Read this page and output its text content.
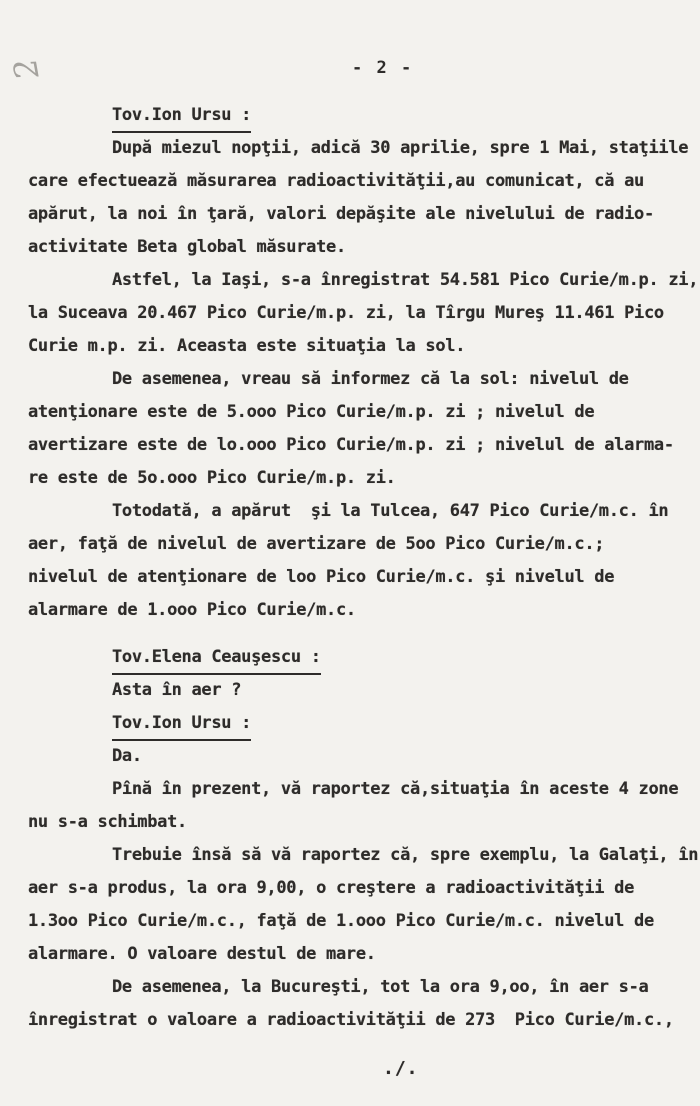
2	- 2 -
Tov.Ion Ursu :
După miezul nopţii, adică 30 aprilie, spre 1 Mai, staţiile
care efectuează măsurarea radioactivităţii,au comunicat, că au
apărut, la noi în ţară, valori depăşite ale nivelului de radio-
activitate Beta global măsurate.
Astfel, la Iaşi, s-a înregistrat 54.581 Pico Curie/m.p. zi,
la Suceava 20.467 Pico Curie/m.p. zi, la Tîrgu Mureş 11.461 Pico
Curie m.p. zi. Aceasta este situaţia la sol.
De asemenea, vreau să informez că la sol: nivelul de
atenţionare este de 5.ooo Pico Curie/m.p. zi ; nivelul de
avertizare este de lo.ooo Pico Curie/m.p. zi ; nivelul de alarma-
re este de 5o.ooo Pico Curie/m.p. zi.
Totodată, a apărut  şi la Tulcea, 647 Pico Curie/m.c. în
aer, faţă de nivelul de avertizare de 5oo Pico Curie/m.c.;
nivelul de atenţionare de loo Pico Curie/m.c. şi nivelul de
alarmare de 1.ooo Pico Curie/m.c.
Tov.Elena Ceauşescu :
Asta în aer ?
Tov.Ion Ursu :
Da.
Pînă în prezent, vă raportez că,situaţia în aceste 4 zone
nu s-a schimbat.
Trebuie însă să vă raportez că, spre exemplu, la Galaţi, în
aer s-a produs, la ora 9,00, o creştere a radioactivităţii de
1.3oo Pico Curie/m.c., faţă de 1.ooo Pico Curie/m.c. nivelul de
alarmare. O valoare destul de mare.
De asemenea, la Bucureşti, tot la ora 9,oo, în aer s-a
înregistrat o valoare a radioactivităţii de 273  Pico Curie/m.c.,
./.
